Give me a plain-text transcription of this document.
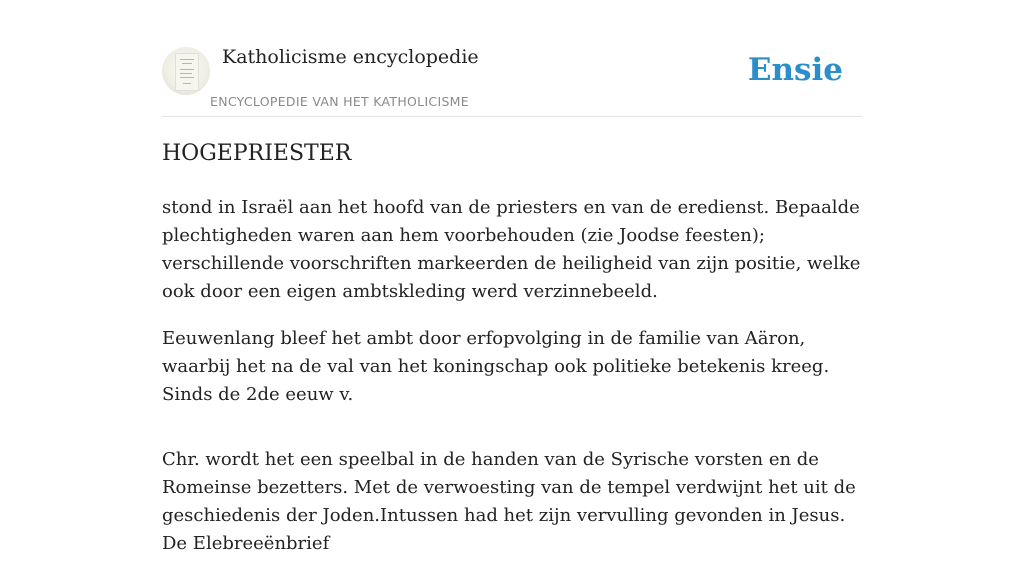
Katholicisme encyclopedie
ENCYCLOPEDIE VAN HET KATHOLICISME
Ensie
HOGEPRIESTER

stond in Israël aan het hoofd van de priesters en van de eredienst. Bepaalde plechtigheden waren aan hem voorbehouden (zie Joodse feesten); verschillende voorschriften markeerden de heiligheid van zijn positie, welke ook door een eigen ambtskleding werd verzinnebeeld.

Eeuwenlang bleef het ambt door erfopvolging in de familie van Aäron, waarbij het na de val van het koningschap ook politieke betekenis kreeg. Sinds de 2de eeuw v.

Chr. wordt het een speelbal in de handen van de Syrische vorsten en de Romeinse bezetters. Met de verwoesting van de tempel verdwijnt het uit de geschiedenis der Joden.Intussen had het zijn vervulling gevonden in Jesus. De Elebreeënbrief
